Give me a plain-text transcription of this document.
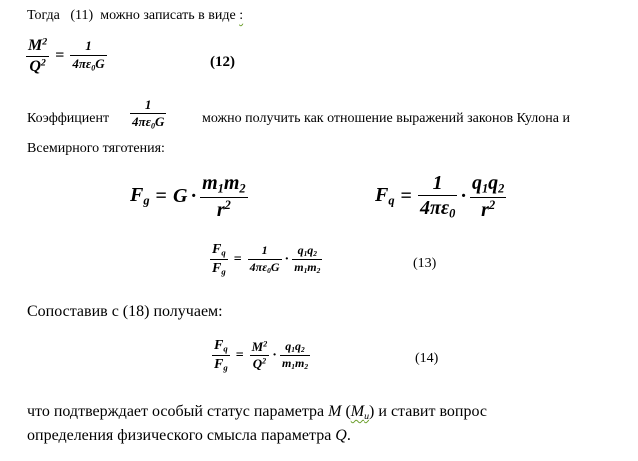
Тогда (11) можно записать в виде :
$\frac{M^2}{Q^2} = \frac{1}{4\pi\varepsilon_0G}$	(12)
Коэффициент $\frac{1}{4\pi\varepsilon_0G}$	можно получить как отношение выражений законов Кулона и
Всемирного тяготения:
$F_g = G \cdot \frac{m_1m_2}{r^2}$	$F_q = \frac{1}{4\pi\varepsilon_0} \cdot \frac{q_1q_2}{r^2}$
$\frac{F_q}{F_g} = \frac{1}{4\pi\varepsilon_0G} \cdot \frac{q_1q_2}{m_1m_2}$	(13)
Сопоставив с (18) получаем:
$\frac{F_q}{F_g} = \frac{M^2}{Q^2} \cdot \frac{q_1q_2}{m_1m_2}$	(14)
что подтверждает особый статус параметра M $(M_u)$ и ставит вопрос
определения физического смысла параметра Q.
